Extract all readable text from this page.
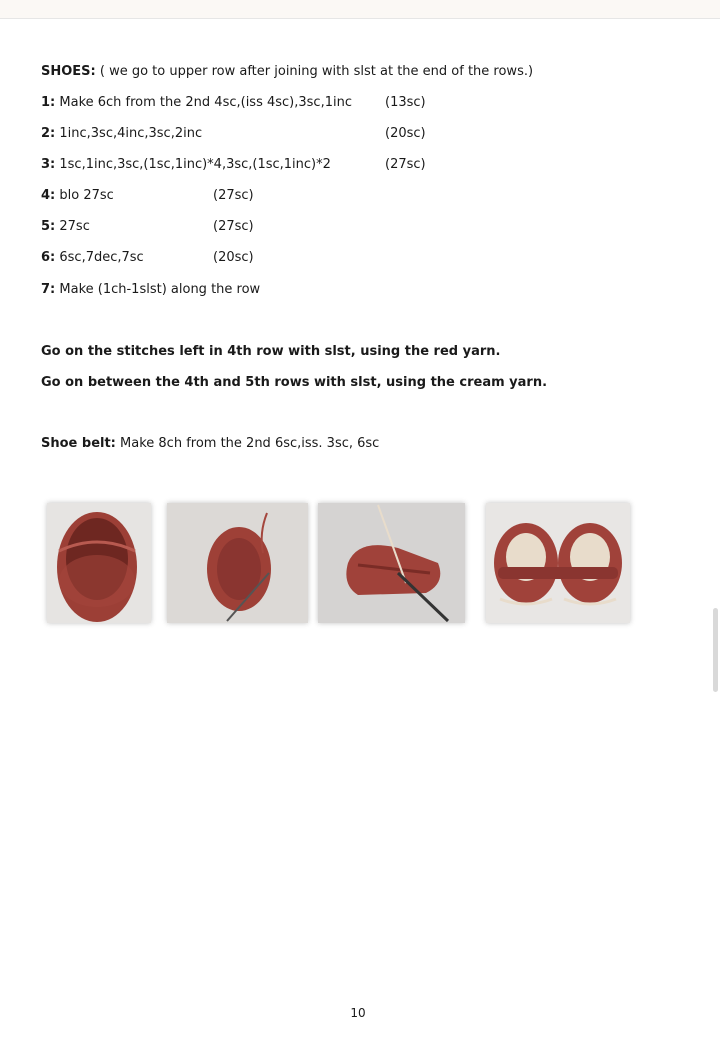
SHOES: ( we go to upper row after joining with slst at the end of the rows.)
1: Make 6ch from the 2nd 4sc,(iss 4sc),3sc,1inc	(13sc)
2: 1inc,3sc,4inc,3sc,2inc	(20sc)
3: 1sc,1inc,3sc,(1sc,1inc)*4,3sc,(1sc,1inc)*2	(27sc)
4: blo 27sc	(27sc)
5: 27sc	(27sc)
6: 6sc,7dec,7sc	(20sc)
7: Make (1ch-1slst) along the row
Go on the stitches left in 4th row with slst, using the red yarn.
Go on between the 4th and 5th rows with slst, using the cream yarn.
Shoe belt: Make 8ch from the 2nd 6sc,iss. 3sc, 6sc
10
